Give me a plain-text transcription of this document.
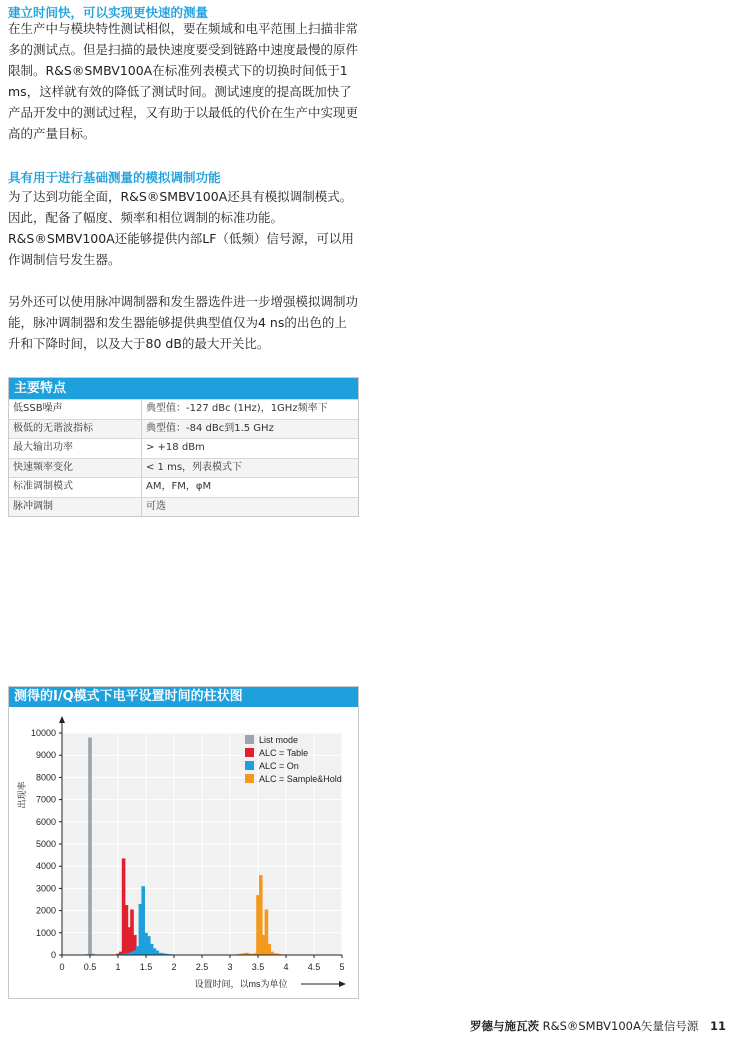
建立时间快，可以实现更快速的测量

在生产中与模块特性测试相似，要在频域和电平范围上扫描非常多的测试点。但是扫描的最快速度要受到链路中速度最慢的原件限制。R&S®SMBV100A在标准列表模式下的切换时间低于1 ms，这样就有效的降低了测试时间。测试速度的提高既加快了产品开发中的测试过程，又有助于以最低的代价在生产中实现更高的产量目标。

具有用于进行基础测量的模拟调制功能

为了达到功能全面，R&S®SMBV100A还具有模拟调制模式。因此，配备了幅度、频率和相位调制的标准功能。R&S®SMBV100A还能够提供内部LF（低频）信号源，可以用作调制信号发生器。

另外还可以使用脉冲调制器和发生器选件进一步增强模拟调制功能，脉冲调制器和发生器能够提供典型值仅为4 ns的出色的上升和下降时间，以及大于80 dB的最大开关比。

主要特点
低SSB噪声	典型值：-127 dBc (1Hz)，1GHz频率下
极低的无谐波指标	典型值：-84 dBc到1.5 GHz
最大输出功率	> +18 dBm
快速频率变化	< 1 ms，列表模式下
标准调制模式	AM，FM，φM
脉冲调制	可选
测得的I/Q模式下电平设置时间的柱状图
0
1000
2000
3000
4000
5000
6000
7000
8000
9000
10000
0 0.5 1 1.5 2 2.5 3 3.5 4 4.5 5
出现率
设置时间，以ms为单位
List mode
ALC = Table
ALC = On
ALC = Sample&Hold
罗德与施瓦茨 R&S®SMBV100A矢量信号源 11
